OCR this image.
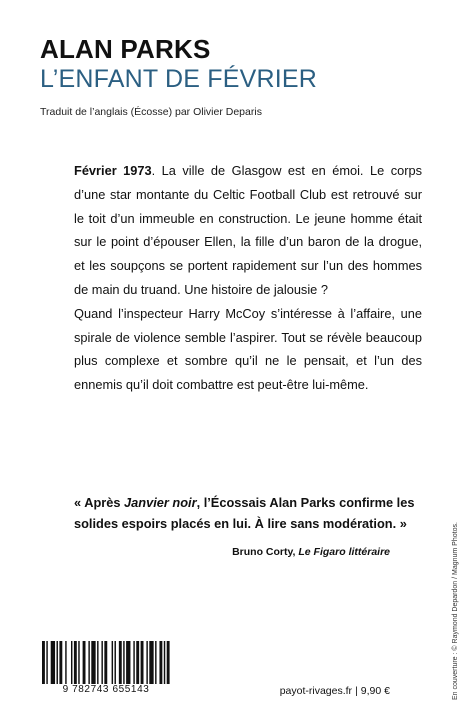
ALAN PARKS
L’ENFANT DE FÉVRIER

Traduit de l’anglais (Écosse) par Olivier Deparis

Février 1973. La ville de Glasgow est en émoi. Le corps d’une star montante du Celtic Football Club est retrouvé sur le toit d’un immeuble en construction. Le jeune homme était sur le point d’épouser Ellen, la fille d’un baron de la drogue, et les soupçons se portent rapidement sur l’un des hommes de main du truand. Une histoire de jalousie ?

Quand l’inspecteur Harry McCoy s’intéresse à l’affaire, une spirale de violence semble l’aspirer. Tout se révèle beaucoup plus complexe et sombre qu’il ne le pensait, et l’un des ennemis qu’il doit combattre est peut-être lui-même.

« Après Janvier noir, l’Écossais Alan Parks confirme les solides espoirs placés en lui. À lire sans modération. »

Bruno Corty, Le Figaro littéraire	En couverture : © Raymond Depardon / Magnum Photos.
9 782743 655143	payot-rivages.fr | 9,90 €
